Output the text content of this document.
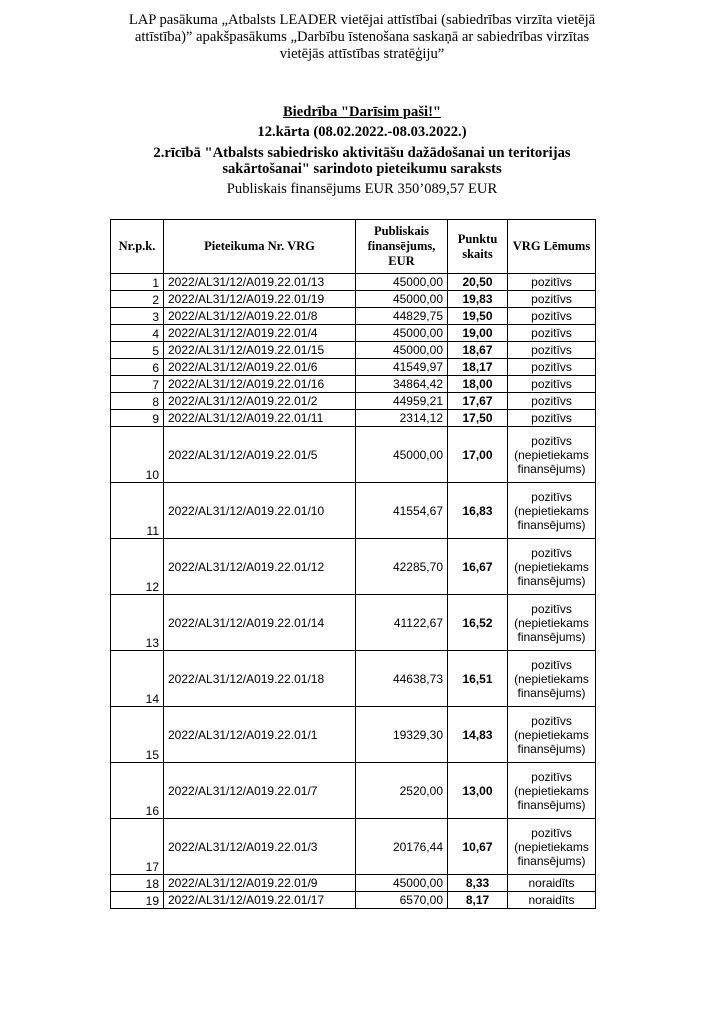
LAP pasākuma „Atbalsts LEADER vietējai attīstībai (sabiedrības virzīta vietējā
attīstība)” apakšpasākums „Darbību īstenošana saskaņā ar sabiedrības virzītas
vietējās attīstības stratēģiju”
Biedrība "Darīsim paši!"
12.kārta (08.02.2022.-08.03.2022.)
2.rīcībā "Atbalsts sabiedrisko aktivitāšu dažādošanai un teritorijas
sakārtošanai" sarindoto pieteikumu saraksts
Publiskais finansējums EUR 350’089,57 EUR
Nr.p.k.	Pieteikuma Nr. VRG	Publiskais finansējums, EUR	Punktu skaits	VRG Lēmums
1	2022/AL31/12/A019.22.01/13	45000,00	20,50	pozitīvs
2	2022/AL31/12/A019.22.01/19	45000,00	19,83	pozitīvs
3	2022/AL31/12/A019.22.01/8	44829,75	19,50	pozitīvs
4	2022/AL31/12/A019.22.01/4	45000,00	19,00	pozitīvs
5	2022/AL31/12/A019.22.01/15	45000,00	18,67	pozitīvs
6	2022/AL31/12/A019.22.01/6	41549,97	18,17	pozitīvs
7	2022/AL31/12/A019.22.01/16	34864,42	18,00	pozitīvs
8	2022/AL31/12/A019.22.01/2	44959,21	17,67	pozitīvs
9	2022/AL31/12/A019.22.01/11	2314,12	17,50	pozitīvs
10	2022/AL31/12/A019.22.01/5	45000,00	17,00	pozitīvs (nepietiekams finansējums)
11	2022/AL31/12/A019.22.01/10	41554,67	16,83	pozitīvs (nepietiekams finansējums)
12	2022/AL31/12/A019.22.01/12	42285,70	16,67	pozitīvs (nepietiekams finansējums)
13	2022/AL31/12/A019.22.01/14	41122,67	16,52	pozitīvs (nepietiekams finansējums)
14	2022/AL31/12/A019.22.01/18	44638,73	16,51	pozitīvs (nepietiekams finansējums)
15	2022/AL31/12/A019.22.01/1	19329,30	14,83	pozitīvs (nepietiekams finansējums)
16	2022/AL31/12/A019.22.01/7	2520,00	13,00	pozitīvs (nepietiekams finansējums)
17	2022/AL31/12/A019.22.01/3	20176,44	10,67	pozitīvs (nepietiekams finansējums)
18	2022/AL31/12/A019.22.01/9	45000,00	8,33	noraidīts
19	2022/AL31/12/A019.22.01/17	6570,00	8,17	noraidīts
